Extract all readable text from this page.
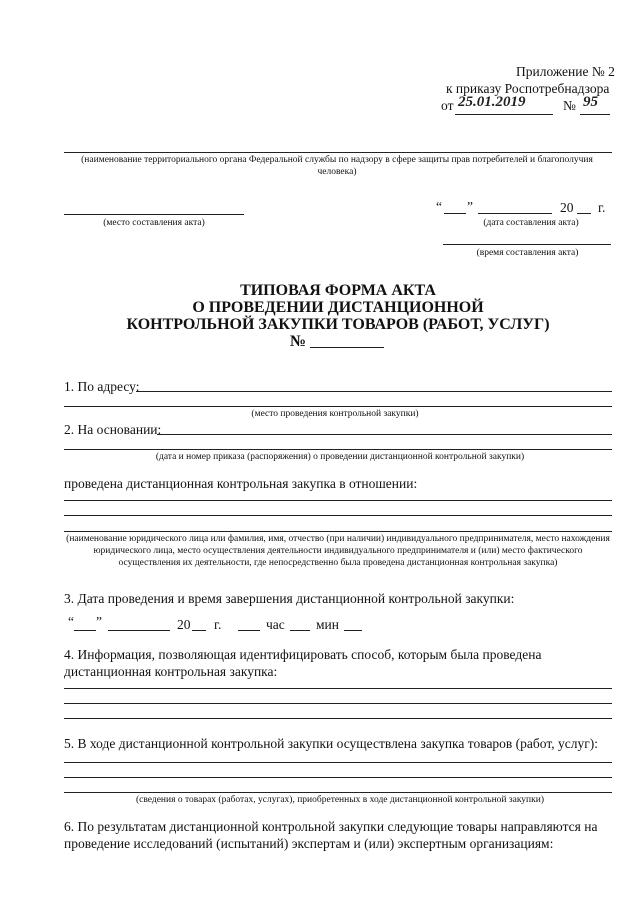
Приложение № 2
к приказу Роспотребнадзора
от 25.01.2019	№ 95
(наименование территориального органа Федеральной службы по надзору в сфере защиты прав потребителей и благополучия человека)
(место составления акта)
“ ”	20 г.
(дата составления акта)
(время составления акта)
ТИПОВАЯ ФОРМА АКТА
О ПРОВЕДЕНИИ ДИСТАНЦИОННОЙ
КОНТРОЛЬНОЙ ЗАКУПКИ ТОВАРОВ (РАБОТ, УСЛУГ)
№
1. По адресу:
(место проведения контрольной закупки)
2. На основании:
(дата и номер приказа (распоряжения) о проведении дистанционной контрольной закупки)
проведена дистанционная контрольная закупка в отношении:
(наименование юридического лица или фамилия, имя, отчество (при наличии) индивидуального предпринимателя, место нахождения юридического лица, место осуществления деятельности индивидуального предпринимателя и (или) место фактического осуществления их деятельности, где непосредственно была проведена дистанционная контрольная закупка)
3. Дата проведения и время завершения дистанционной контрольной закупки:
“ ”	20 г.	час мин
4. Информация, позволяющая идентифицировать способ, которым была проведена дистанционная контрольная закупка:
5. В ходе дистанционной контрольной закупки осуществлена закупка товаров (работ, услуг):
(сведения о товарах (работах, услугах), приобретенных в ходе дистанционной контрольной закупки)
6. По результатам дистанционной контрольной закупки следующие товары направляются на проведение исследований (испытаний) экспертам и (или) экспертным организациям:
